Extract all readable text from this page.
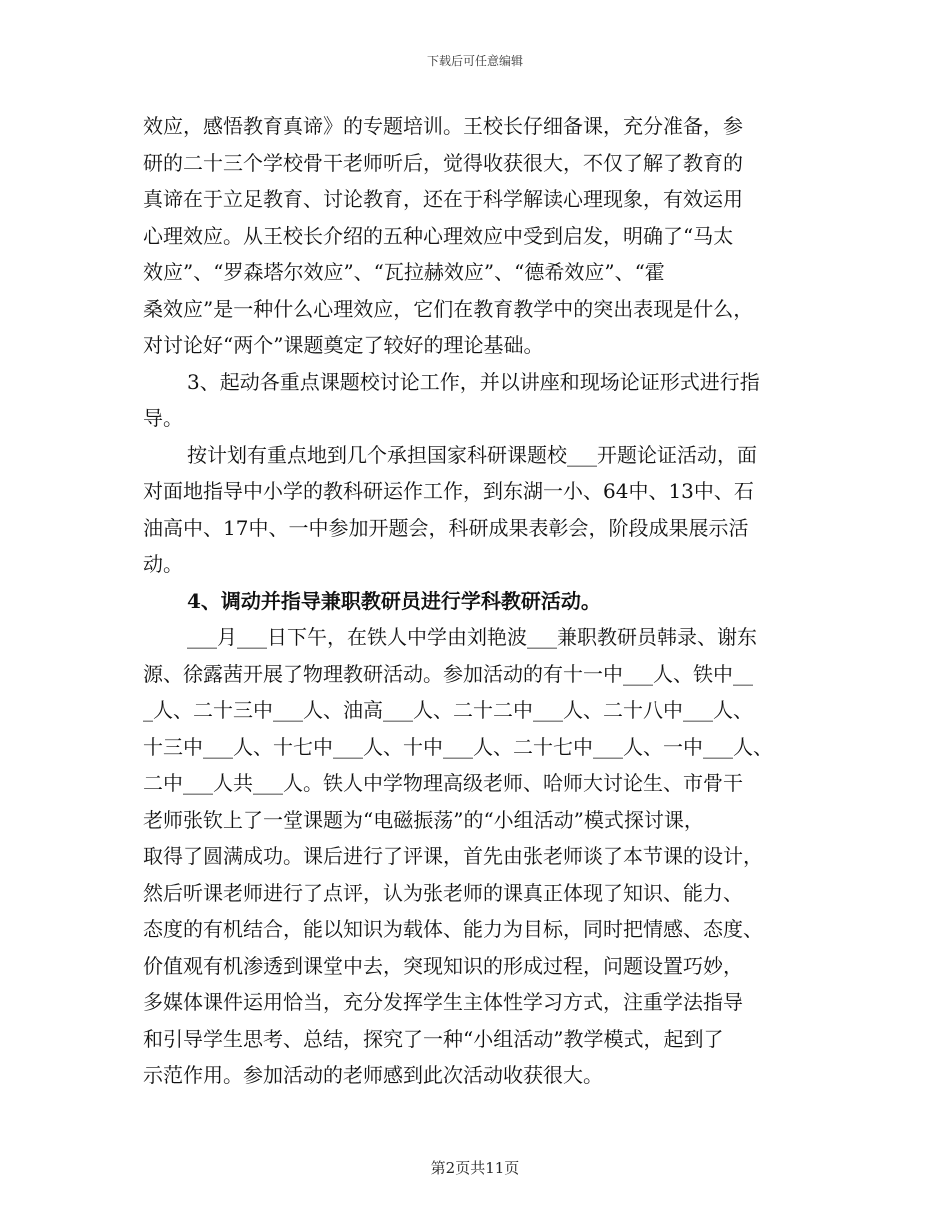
下载后可任意编辑
效应，感悟教育真谛》的专题培训。王校长仔细备课，充分准备，参
研的二十三个学校骨干老师听后，觉得收获很大，不仅了解了教育的
真谛在于立足教育、讨论教育，还在于科学解读心理现象，有效运用
心理效应。从王校长介绍的五种心理效应中受到启发，明确了“马太
效应”、“罗森塔尔效应”、“瓦拉赫效应”、“德希效应”、“霍
桑效应”是一种什么心理效应，它们在教育教学中的突出表现是什么，
对讨论好“两个”课题奠定了较好的理论基础。
3、起动各重点课题校讨论工作，并以讲座和现场论证形式进行指
导。
按计划有重点地到几个承担国家科研课题校___开题论证活动，面
对面地指导中小学的教科研运作工作，到东湖一小、64中、13中、石
油高中、17中、一中参加开题会，科研成果表彰会，阶段成果展示活
动。
4、调动并指导兼职教研员进行学科教研活动。
___月___日下午，在铁人中学由刘艳波___兼职教研员韩录、谢东
源、徐露茜开展了物理教研活动。参加活动的有十一中___人、铁中__
_人、二十三中___人、油高___人、二十二中___人、二十八中___人、
十三中___人、十七中___人、十中___人、二十七中___人、一中___人、
二中___人共___人。铁人中学物理高级老师、哈师大讨论生、市骨干
老师张钦上了一堂课题为“电磁振荡”的“小组活动”模式探讨课，
取得了圆满成功。课后进行了评课，首先由张老师谈了本节课的设计，
然后听课老师进行了点评，认为张老师的课真正体现了知识、能力、
态度的有机结合，能以知识为载体、能力为目标，同时把情感、态度、
价值观有机渗透到课堂中去，突现知识的形成过程，问题设置巧妙，
多媒体课件运用恰当，充分发挥学生主体性学习方式，注重学法指导
和引导学生思考、总结，探究了一种“小组活动”教学模式，起到了
示范作用。参加活动的老师感到此次活动收获很大。
第2页共11页
